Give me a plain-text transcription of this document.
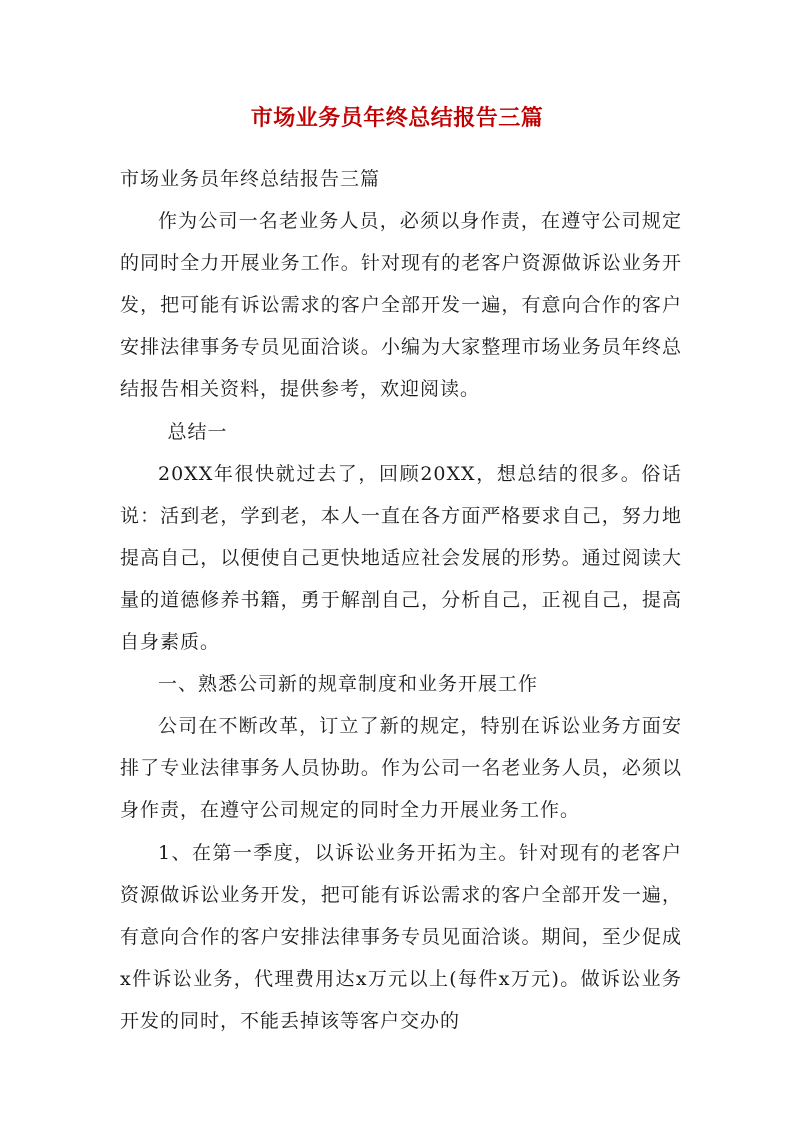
市场业务员年终总结报告三篇

市场业务员年终总结报告三篇

作为公司一名老业务人员，必须以身作责，在遵守公司规定的同时全力开展业务工作。针对现有的老客户资源做诉讼业务开发，把可能有诉讼需求的客户全部开发一遍，有意向合作的客户安排法律事务专员见面洽谈。小编为大家整理市场业务员年终总结报告相关资料，提供参考，欢迎阅读。

总结一

20XX年很快就过去了，回顾20XX，想总结的很多。俗话说：活到老，学到老，本人一直在各方面严格要求自己，努力地提高自己，以便使自己更快地适应社会发展的形势。通过阅读大量的道德修养书籍，勇于解剖自己，分析自己，正视自己，提高自身素质。

一、熟悉公司新的规章制度和业务开展工作

公司在不断改革，订立了新的规定，特别在诉讼业务方面安排了专业法律事务人员协助。作为公司一名老业务人员，必须以身作责，在遵守公司规定的同时全力开展业务工作。

1、在第一季度，以诉讼业务开拓为主。针对现有的老客户资源做诉讼业务开发，把可能有诉讼需求的客户全部开发一遍，有意向合作的客户安排法律事务专员见面洽谈。期间，至少促成x件诉讼业务，代理费用达x万元以上(每件x万元)。做诉讼业务开发的同时，不能丢掉该等客户交办的
